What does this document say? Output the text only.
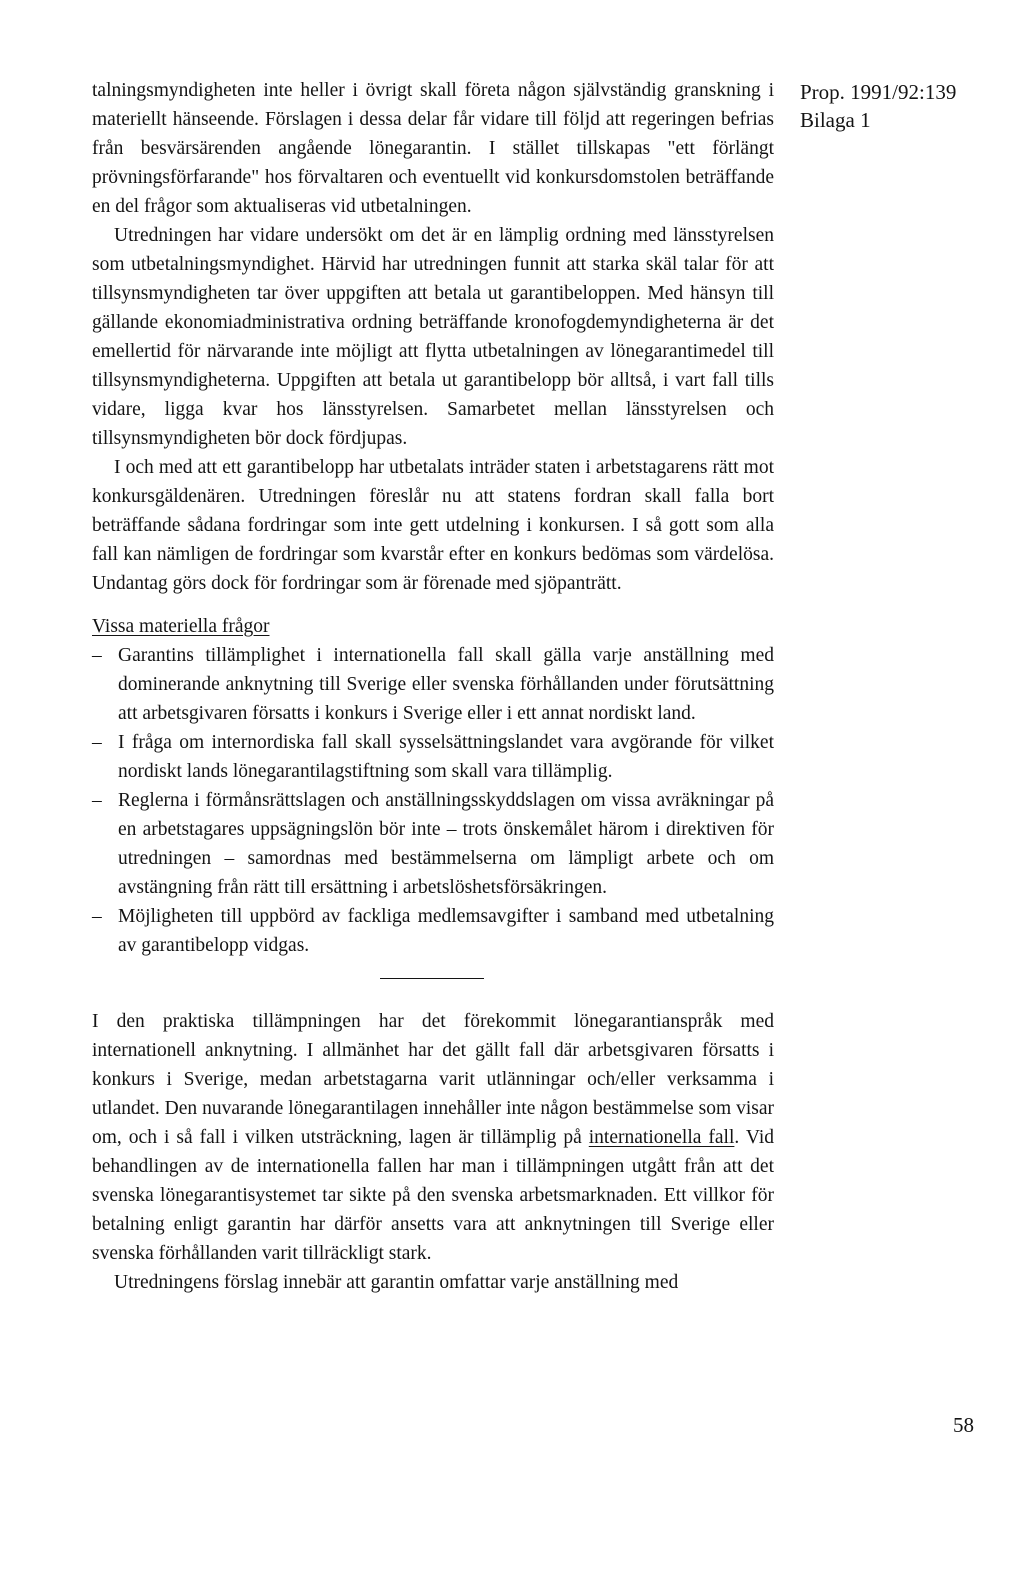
Prop. 1991/92:139
Bilaga 1

talningsmyndigheten inte heller i övrigt skall företa någon självständig granskning i materiellt hänseende. Förslagen i dessa delar får vidare till följd att regeringen befrias från besvärsärenden angående lönegarantin. I stället tillskapas "ett förlängt prövningsförfarande" hos förvaltaren och eventuellt vid konkursdomstolen beträffande en del frågor som aktualiseras vid utbetalningen.

Utredningen har vidare undersökt om det är en lämplig ordning med länsstyrelsen som utbetalningsmyndighet. Härvid har utredningen funnit att starka skäl talar för att tillsynsmyndigheten tar över uppgiften att betala ut garantibeloppen. Med hänsyn till gällande ekonomiadministrativa ordning beträffande kronofogdemyndigheterna är det emellertid för närvarande inte möjligt att flytta utbetalningen av lönegarantimedel till tillsynsmyndigheterna. Uppgiften att betala ut garantibelopp bör alltså, i vart fall tills vidare, ligga kvar hos länsstyrelsen. Samarbetet mellan länsstyrelsen och tillsynsmyndigheten bör dock fördjupas.

I och med att ett garantibelopp har utbetalats inträder staten i arbetstagarens rätt mot konkursgäldenären. Utredningen föreslår nu att statens fordran skall falla bort beträffande sådana fordringar som inte gett utdelning i konkursen. I så gott som alla fall kan nämligen de fordringar som kvarstår efter en konkurs bedömas som värdelösa. Undantag görs dock för fordringar som är förenade med sjöpanträtt.

Vissa materiella frågor
– Garantins tillämplighet i internationella fall skall gälla varje anställning med dominerande anknytning till Sverige eller svenska förhållanden under förutsättning att arbetsgivaren försatts i konkurs i Sverige eller i ett annat nordiskt land.
– I fråga om internordiska fall skall sysselsättningslandet vara avgörande för vilket nordiskt lands lönegarantilagstiftning som skall vara tillämplig.
– Reglerna i förmånsrättslagen och anställningsskyddslagen om vissa avräkningar på en arbetstagares uppsägningslön bör inte – trots önskemålet härom i direktiven för utredningen – samordnas med bestämmelserna om lämpligt arbete och om avstängning från rätt till ersättning i arbetslöshetsförsäkringen.
– Möjligheten till uppbörd av fackliga medlemsavgifter i samband med utbetalning av garantibelopp vidgas.

I den praktiska tillämpningen har det förekommit lönegarantianspråk med internationell anknytning. I allmänhet har det gällt fall där arbetsgivaren försatts i konkurs i Sverige, medan arbetstagarna varit utlänningar och/eller verksamma i utlandet. Den nuvarande lönegarantilagen innehåller inte någon bestämmelse som visar om, och i så fall i vilken utsträckning, lagen är tillämplig på internationella fall. Vid behandlingen av de internationella fallen har man i tillämpningen utgått från att det svenska lönegarantisystemet tar sikte på den svenska arbetsmarknaden. Ett villkor för betalning enligt garantin har därför ansetts vara att anknytningen till Sverige eller svenska förhållanden varit tillräckligt stark.

Utredningens förslag innebär att garantin omfattar varje anställning med

58
